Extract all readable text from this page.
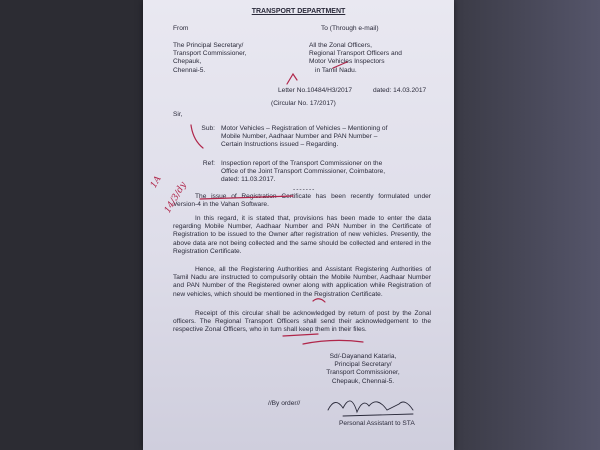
TRANSPORT DEPARTMENT
From	To (Through e-mail)
The Principal Secretary/
Transport Commissioner,
Chepauk,
Chennai-5.
All the Zonal Officers,
Regional Transport Officers and
Motor Vehicles Inspectors
in Tamil Nadu.
Letter No.10484/H3/2017	dated: 14.03.2017
(Circular No. 17/2017)
Sir,
Sub: Motor Vehicles – Registration of Vehicles – Mentioning of
Mobile Number, Aadhaar Number and PAN Number –
Certain Instructions issued – Regarding.
Ref: Inspection report of the Transport Commissioner on the
Office of the Joint Transport Commissioner, Coimbatore,
dated: 11.03.2017.
-------
The issue of Registration Certificate has been recently formulated under Version-4 in the Vahan Software.
In this regard, it is stated that, provisions has been made to enter the data regarding Mobile Number, Aadhaar Number and PAN Number in the Certificate of Registration to be issued to the Owner after registration of new vehicles. Presently, the above data are not being collected and the same should be collected and entered in the Registration Certificate.
Hence, all the Registering Authorities and Assistant Registering Authorities of Tamil Nadu are instructed to compulsorily obtain the Mobile Number, Aadhaar Number and PAN Number of the Registered owner along with application while Registration of new vehicles, which should be mentioned in the Registration Certificate.
Receipt of this circular shall be acknowledged by return of post by the Zonal officers. The Regional Transport Officers shall send their acknowledgement to the respective Zonal Officers, who in turn shall keep them in their files.
Sd/-Dayanand Kataria,
Principal Secretary/
Transport Commissioner,
Chepauk, Chennai-5.
//By order//
Personal Assistant to STA
1A 14/3/dy
